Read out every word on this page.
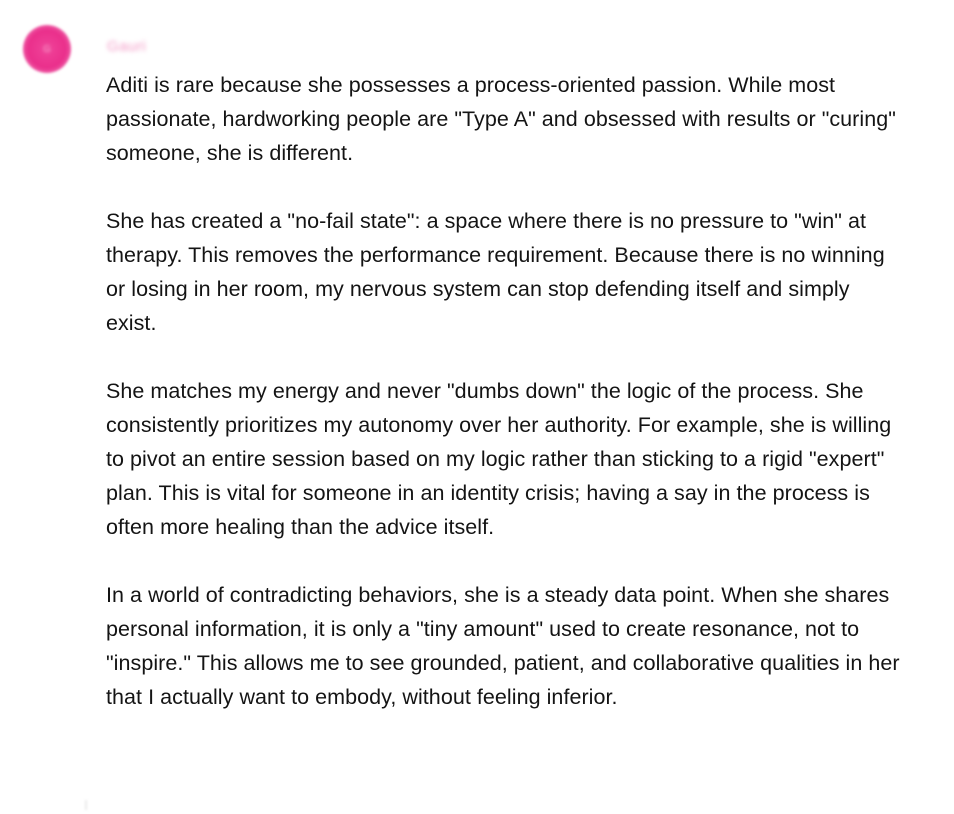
G	Gauri

Aditi is rare because she possesses a process-oriented passion. While most passionate, hardworking people are "Type A" and obsessed with results or "curing" someone, she is different.

She has created a "no-fail state": a space where there is no pressure to "win" at therapy. This removes the performance requirement. Because there is no winning or losing in her room, my nervous system can stop defending itself and simply exist.

She matches my energy and never "dumbs down" the logic of the process. She consistently prioritizes my autonomy over her authority. For example, she is willing to pivot an entire session based on my logic rather than sticking to a rigid "expert" plan. This is vital for someone in an identity crisis; having a say in the process is often more healing than the advice itself.

In a world of contradicting behaviors, she is a steady data point. When she shares personal information, it is only a "tiny amount" used to create resonance, not to "inspire." This allows me to see grounded, patient, and collaborative qualities in her that I actually want to embody, without feeling inferior.
